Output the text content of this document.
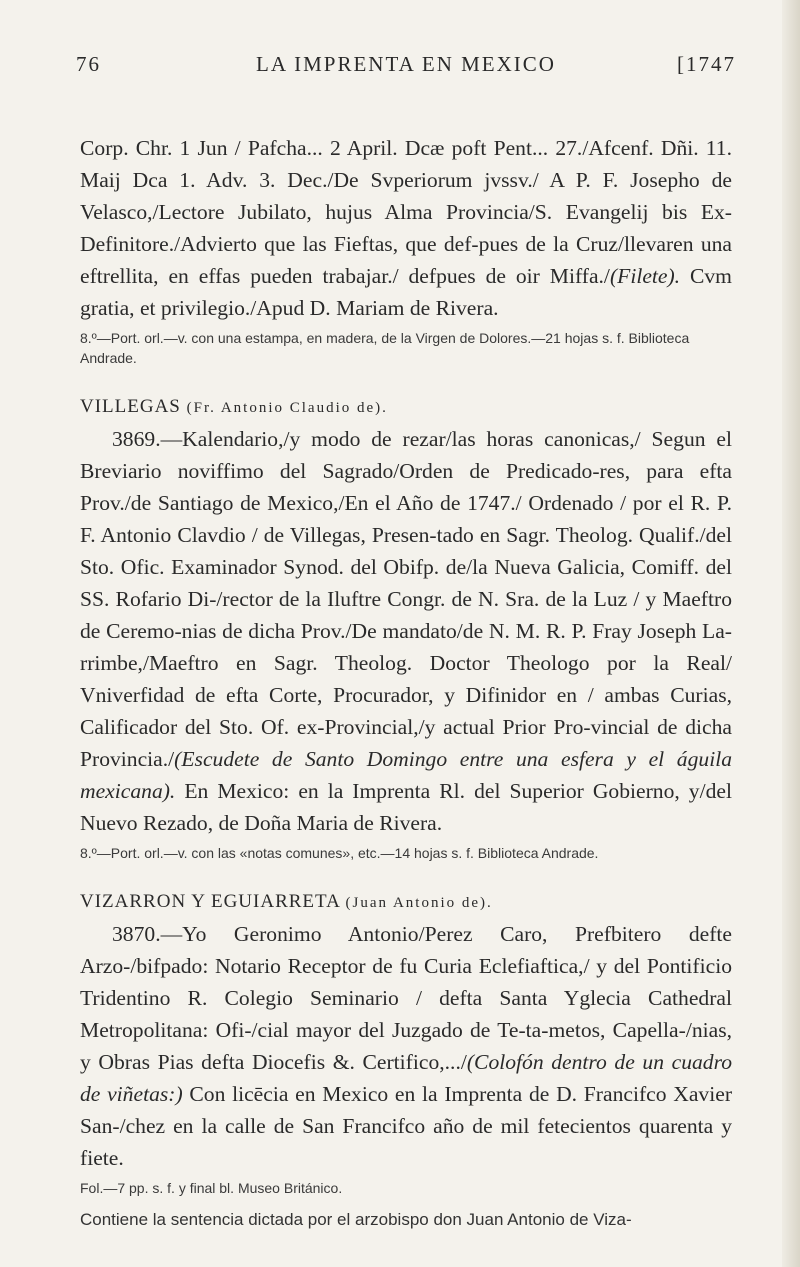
76	LA IMPRENTA EN MEXICO	[1747

Corp. Chr. 1 Jun / Pafcha... 2 April. Dcæ poft Pent... 27./Afcenf. Dñi. 11. Maij Dca 1. Adv. 3. Dec./De Svperiorum jvssv./ A P. F. Josepho de Velasco,/Lectore Jubilato, hujus Alma Provincia/S. Evangelij bis Ex-Definitore./Advierto que las Fieftas, que def-pues de la Cruz/llevaren una eftrellita, en effas pueden trabajar./ defpues de oir Miffa./(Filete). Cvm gratia, et privilegio./Apud D. Mariam de Rivera.

8.º—Port. orl.—v. con una estampa, en madera, de la Virgen de Dolores.—21 hojas s. f. Biblioteca Andrade.

VILLEGAS (Fr. Antonio Claudio de).

3869.—Kalendario,/y modo de rezar/las horas canonicas,/ Segun el Breviario noviffimo del Sagrado/Orden de Predicado-res, para efta Prov./de Santiago de Mexico,/En el Año de 1747./ Ordenado / por el R. P. F. Antonio Clavdio / de Villegas, Presen-tado en Sagr. Theolog. Qualif./del Sto. Ofic. Examinador Synod. del Obifp. de/la Nueva Galicia, Comiff. del SS. Rofario Di-/rector de la Iluftre Congr. de N. Sra. de la Luz / y Maeftro de Ceremo-nias de dicha Prov./De mandato/de N. M. R. P. Fray Joseph La-rrimbe,/Maeftro en Sagr. Theolog. Doctor Theologo por la Real/ Vniverfidad de efta Corte, Procurador, y Difinidor en / ambas Curias, Calificador del Sto. Of. ex-Provincial,/y actual Prior Pro-vincial de dicha Provincia./(Escudete de Santo Domingo entre una esfera y el águila mexicana). En Mexico: en la Imprenta Rl. del Superior Gobierno, y/del Nuevo Rezado, de Doña Maria de Rivera.

8.º—Port. orl.—v. con las «notas comunes», etc.—14 hojas s. f. Biblioteca Andrade.

VIZARRON Y EGUIARRETA (Juan Antonio de).

3870.—Yo Geronimo Antonio/Perez Caro, Prefbitero defte Arzo-/bifpado: Notario Receptor de fu Curia Eclefiaftica,/ y del Pontificio Tridentino R. Colegio Seminario / defta Santa Yglecia Cathedral Metropolitana: Ofi-/cial mayor del Juzgado de Te-ta-metos, Capella-/nias, y Obras Pias defta Diocefis &. Certifico,.../(Colofón dentro de un cuadro de viñetas:) Con licēcia en Mexico en la Imprenta de D. Francifco Xavier San-/chez en la calle de San Francifco año de mil fetecientos quarenta y fiete.

Fol.—7 pp. s. f. y final bl. Museo Británico.

Contiene la sentencia dictada por el arzobispo don Juan Antonio de Viza-
